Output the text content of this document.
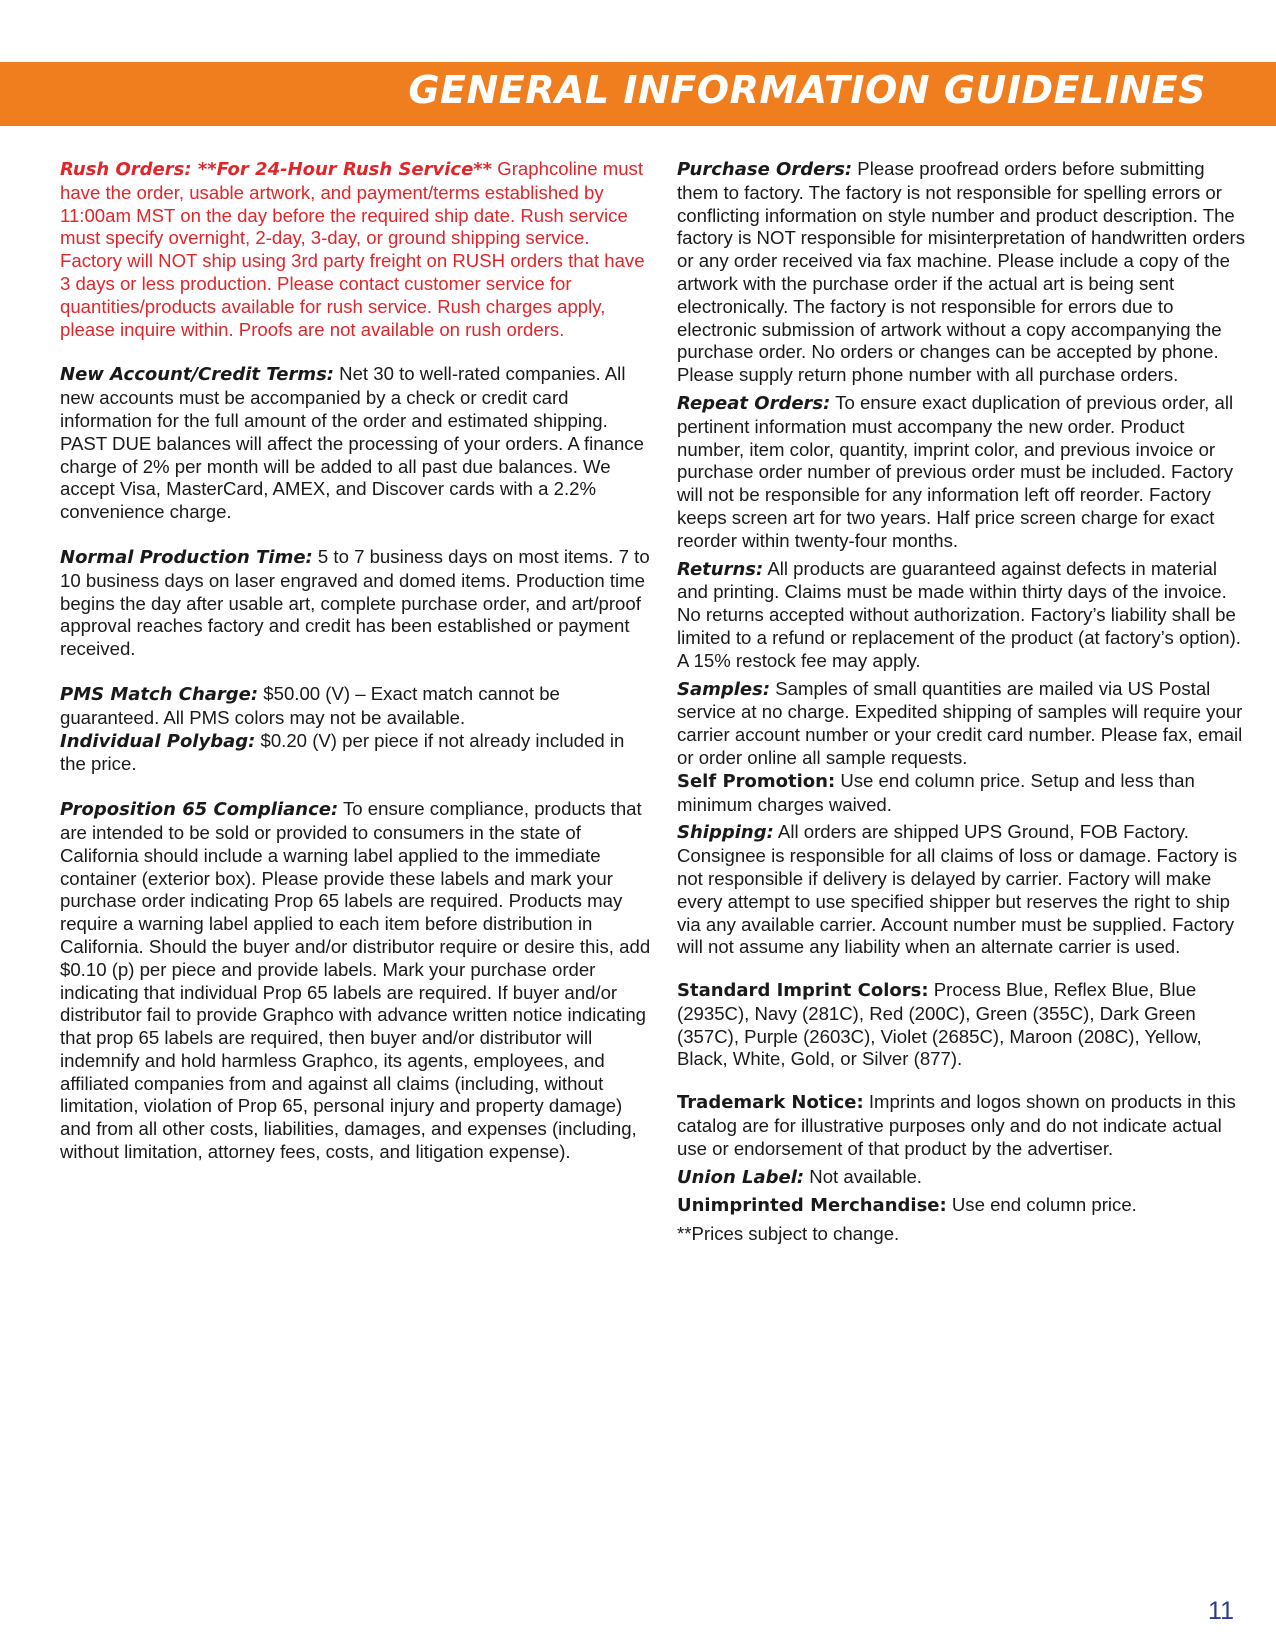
GENERAL INFORMATION GUIDELINES

Rush Orders: **For 24-Hour Rush Service** Graphcoline must have the order, usable artwork, and payment/terms established by 11:00am MST on the day before the required ship date. Rush service must specify overnight, 2-day, 3-day, or ground shipping service. Factory will NOT ship using 3rd party freight on RUSH orders that have 3 days or less production. Please contact customer service for quantities/products available for rush service. Rush charges apply, please inquire within. Proofs are not available on rush orders.

New Account/Credit Terms: Net 30 to well-rated companies. All new accounts must be accompanied by a check or credit card information for the full amount of the order and estimated shipping. PAST DUE balances will affect the processing of your orders. A finance charge of 2% per month will be added to all past due balances. We accept Visa, MasterCard, AMEX, and Discover cards with a 2.2% convenience charge.

Normal Production Time: 5 to 7 business days on most items. 7 to 10 business days on laser engraved and domed items. Production time begins the day after usable art, complete purchase order, and art/proof approval reaches factory and credit has been established or payment received.

PMS Match Charge: $50.00 (V) – Exact match cannot be guaranteed. All PMS colors may not be available.

Individual Polybag: $0.20 (V) per piece if not already included in the price.

Proposition 65 Compliance: To ensure compliance, products that are intended to be sold or provided to consumers in the state of California should include a warning label applied to the immediate container (exterior box). Please provide these labels and mark your purchase order indicating Prop 65 labels are required. Products may require a warning label applied to each item before distribution in California. Should the buyer and/or distributor require or desire this, add $0.10 (p) per piece and provide labels. Mark your purchase order indicating that individual Prop 65 labels are required. If buyer and/or distributor fail to provide Graphco with advance written notice indicating that prop 65 labels are required, then buyer and/or distributor will indemnify and hold harmless Graphco, its agents, employees, and affiliated companies from and against all claims (including, without limitation, violation of Prop 65, personal injury and property damage) and from all other costs, liabilities, damages, and expenses (including, without limitation, attorney fees, costs, and litigation expense).

Purchase Orders: Please proofread orders before submitting them to factory. The factory is not responsible for spelling errors or conflicting information on style number and product description. The factory is NOT responsible for misinterpretation of handwritten orders or any order received via fax machine. Please include a copy of the artwork with the purchase order if the actual art is being sent electronically. The factory is not responsible for errors due to electronic submission of artwork without a copy accompanying the purchase order. No orders or changes can be accepted by phone. Please supply return phone number with all purchase orders.

Repeat Orders: To ensure exact duplication of previous order, all pertinent information must accompany the new order. Product number, item color, quantity, imprint color, and previous invoice or purchase order number of previous order must be included. Factory will not be responsible for any information left off reorder. Factory keeps screen art for two years. Half price screen charge for exact reorder within twenty-four months.

Returns: All products are guaranteed against defects in material and printing. Claims must be made within thirty days of the invoice. No returns accepted without authorization. Factory’s liability shall be limited to a refund or replacement of the product (at factory’s option). A 15% restock fee may apply.

Samples: Samples of small quantities are mailed via US Postal service at no charge. Expedited shipping of samples will require your carrier account number or your credit card number. Please fax, email or order online all sample requests.

Self Promotion: Use end column price. Setup and less than minimum charges waived.

Shipping: All orders are shipped UPS Ground, FOB Factory. Consignee is responsible for all claims of loss or damage. Factory is not responsible if delivery is delayed by carrier. Factory will make every attempt to use specified shipper but reserves the right to ship via any available carrier. Account number must be supplied. Factory will not assume any liability when an alternate carrier is used.

Standard Imprint Colors: Process Blue, Reflex Blue, Blue (2935C), Navy (281C), Red (200C), Green (355C), Dark Green (357C), Purple (2603C), Violet (2685C), Maroon (208C), Yellow, Black, White, Gold, or Silver (877).

Trademark Notice: Imprints and logos shown on products in this catalog are for illustrative purposes only and do not indicate actual use or endorsement of that product by the advertiser.

Union Label: Not available.

Unimprinted Merchandise: Use end column price.

**Prices subject to change.

11
